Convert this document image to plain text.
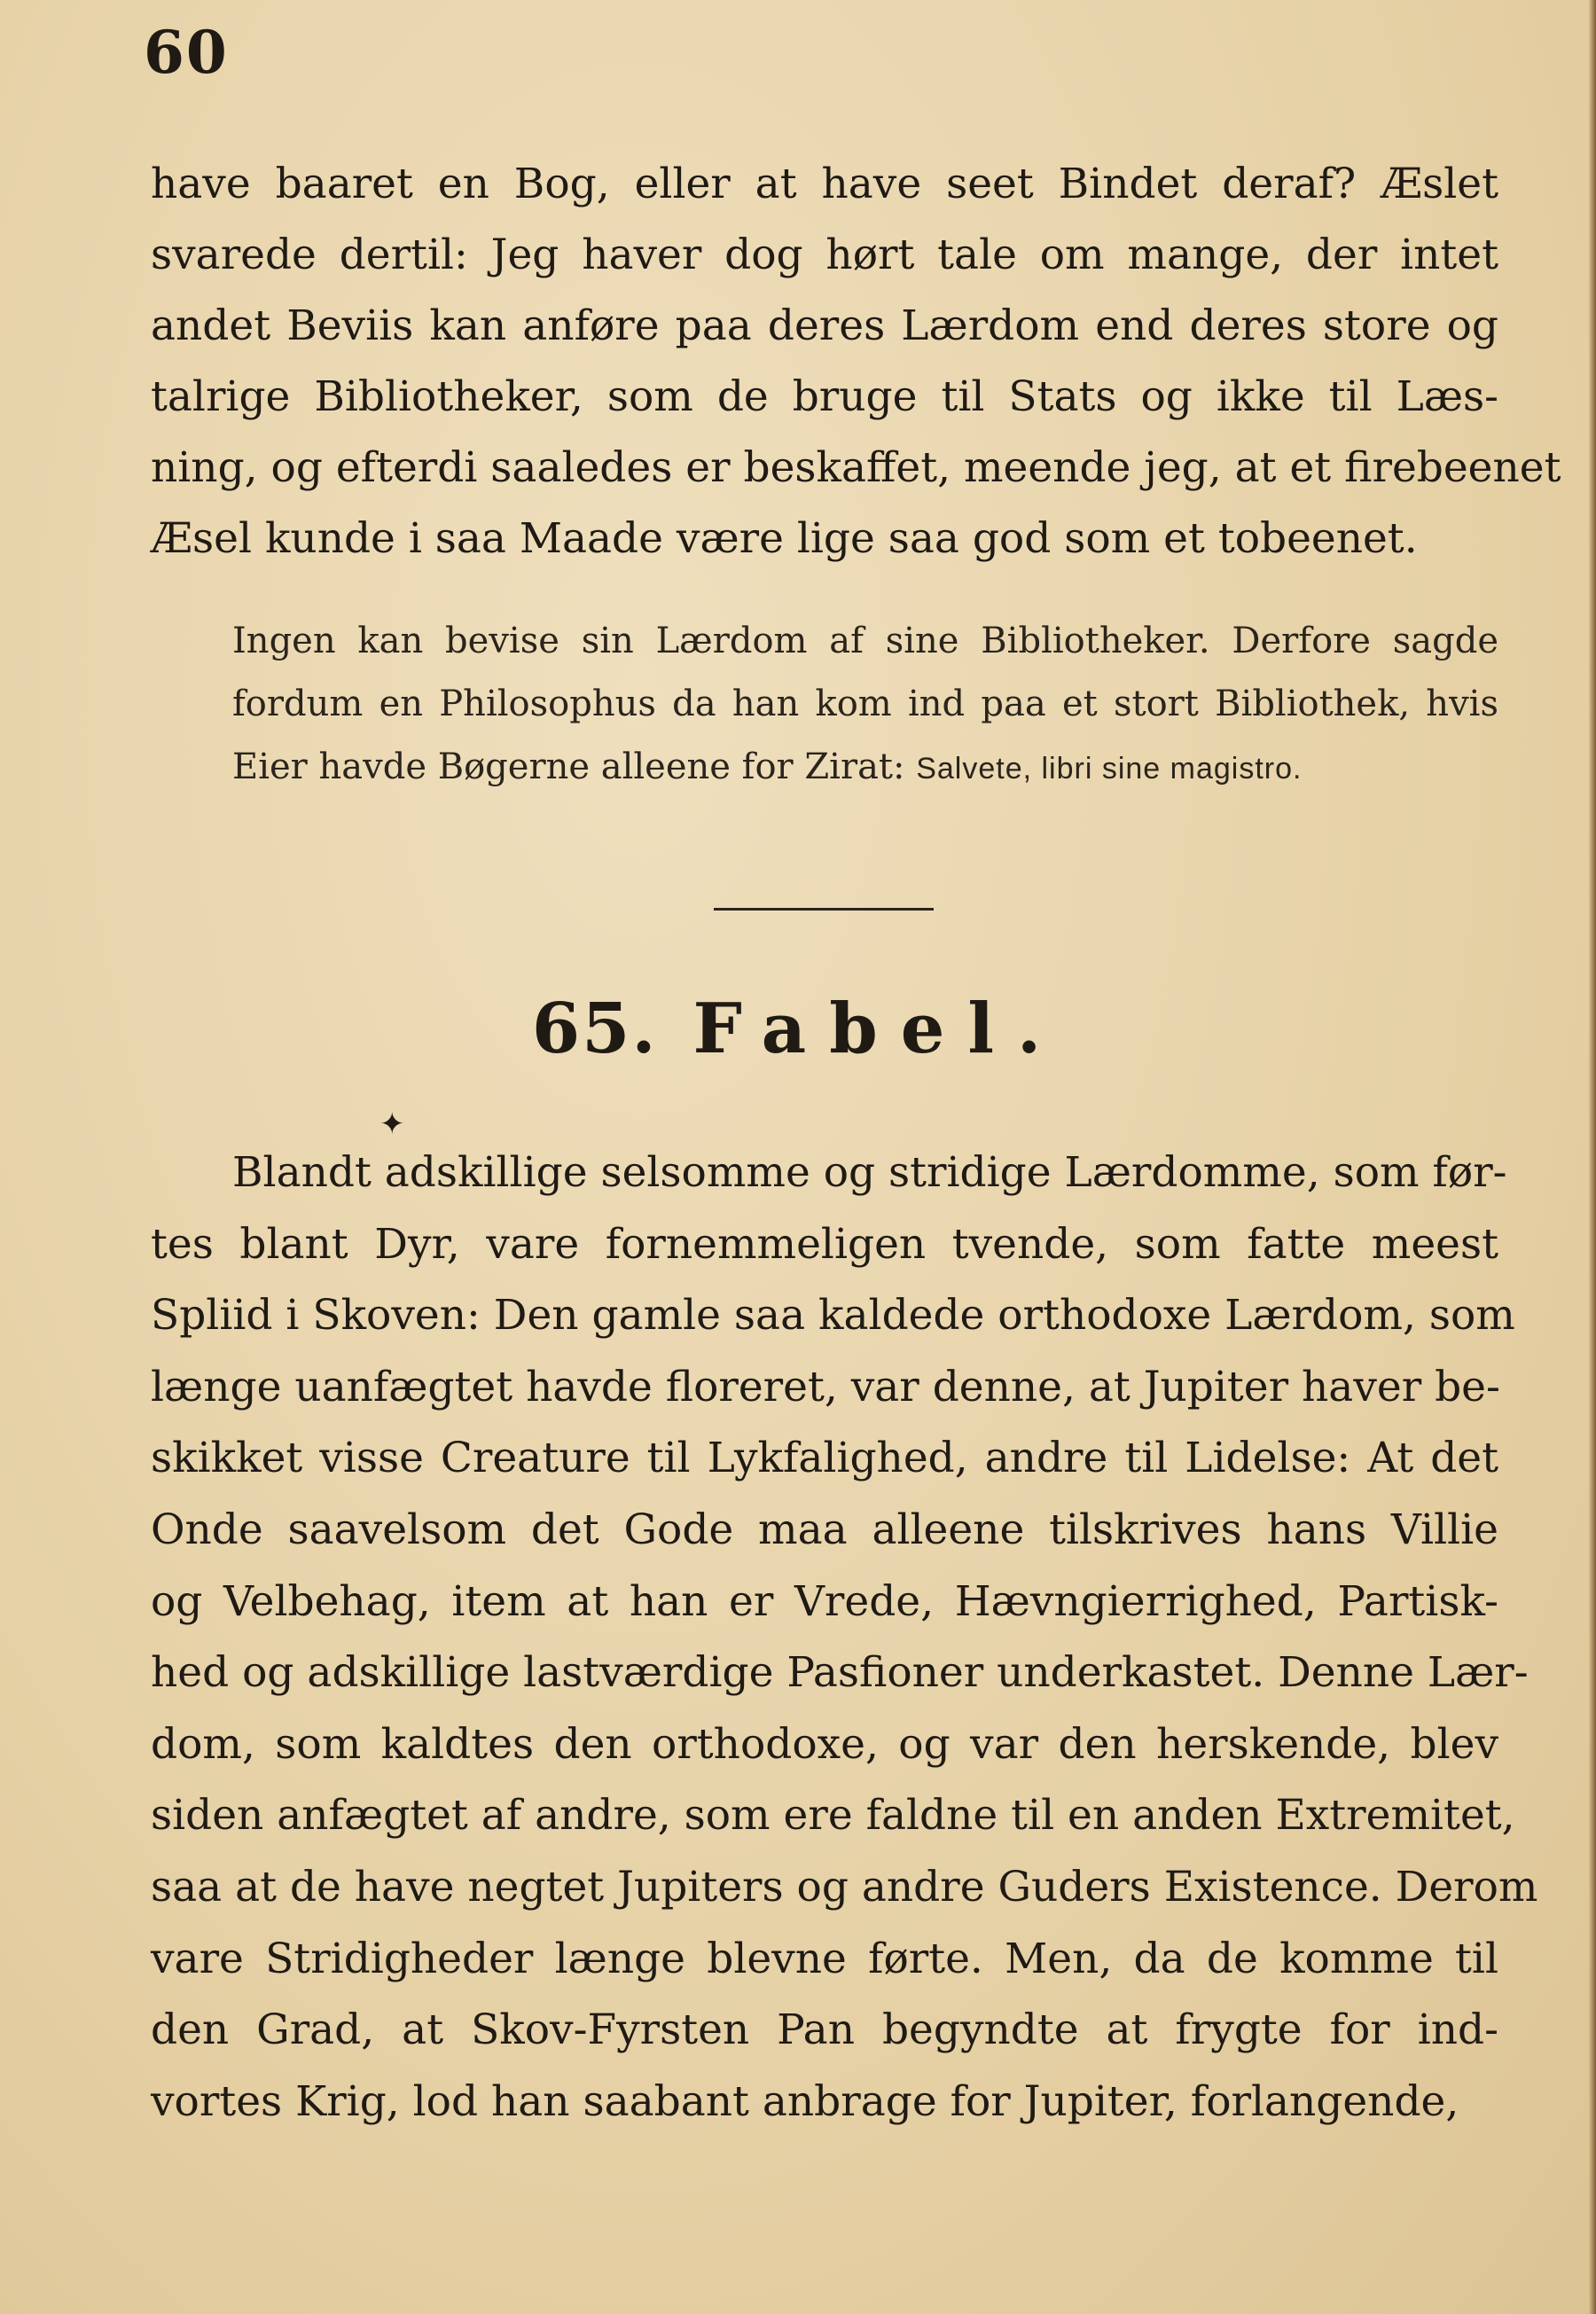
60
have baaret en Bog, eller at have seet Bindet deraf? Æslet
svarede dertil: Jeg haver dog hørt tale om mange, der intet
andet Beviis kan anføre paa deres Lærdom end deres store og
talrige Bibliotheker, som de bruge til Stats og ikke til Læs-
ning, og efterdi saaledes er beskaffet, meende jeg, at et firebeenet
Æsel kunde i saa Maade være lige saa god som et tobeenet.
Ingen kan bevise sin Lærdom af sine Bibliotheker. Derfore sagde
fordum en Philosophus da han kom ind paa et stort Bibliothek, hvis
Eier havde Bøgerne alleene for Zirat: Salvete, libri sine magistro.
65. Fabel.
✦
Blandt adskillige selsomme og stridige Lærdomme, som før-
tes blant Dyr, vare fornemmeligen tvende, som fatte meest
Spliid i Skoven: Den gamle saa kaldede orthodoxe Lærdom, som
længe uanfægtet havde floreret, var denne, at Jupiter haver be-
skikket visse Creature til Lykfalighed, andre til Lidelse: At det
Onde saavelsom det Gode maa alleene tilskrives hans Villie
og Velbehag, item at han er Vrede, Hævngierrighed, Partisk-
hed og adskillige lastværdige Pasfioner underkastet. Denne Lær-
dom, som kaldtes den orthodoxe, og var den herskende, blev
siden anfægtet af andre, som ere faldne til en anden Extremitet,
saa at de have negtet Jupiters og andre Guders Existence. Derom
vare Stridigheder længe blevne førte. Men, da de komme til
den Grad, at Skov-Fyrsten Pan begyndte at frygte for ind-
vortes Krig, lod han saabant anbrage for Jupiter, forlangende,
